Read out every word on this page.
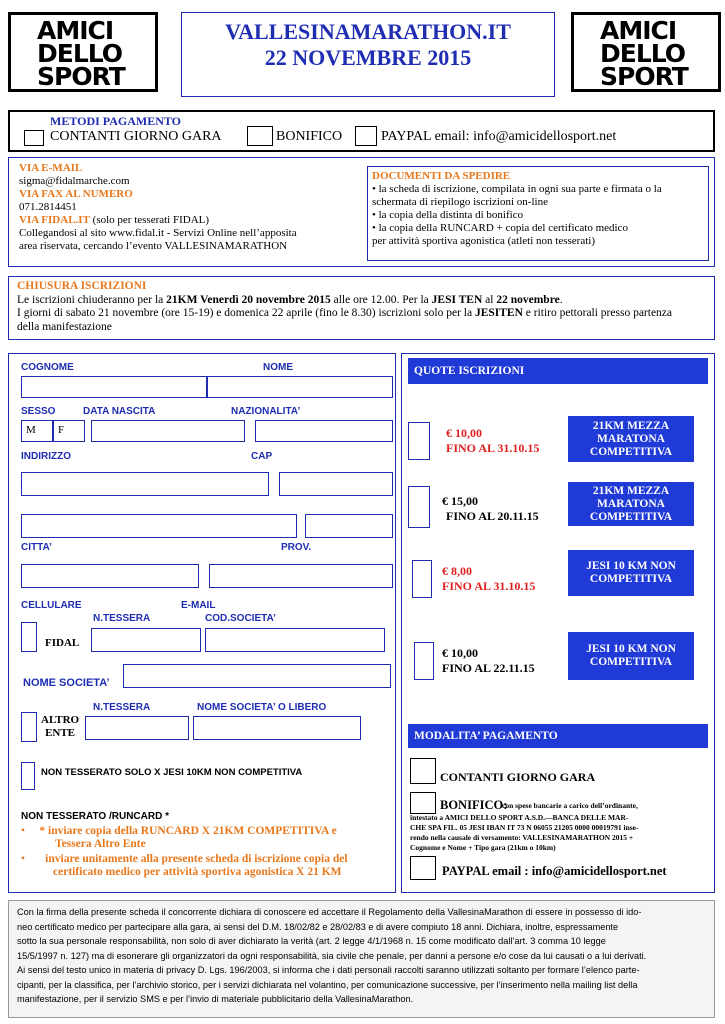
AMICI
DELLO
SPORT
AMICI
DELLO
SPORT
VALLESINAMARATHON.IT
22 NOVEMBRE 2015
METODI PAGAMENTO
CONTANTI GIORNO GARA	BONIFICO	PAYPAL email: info@amicidellosport.net
VIA E-MAIL
sigma@fidalmarche.com
VIA FAX AL NUMERO
071.2814451
VIA FIDAL.IT (solo per tesserati FIDAL)
Collegandosi al sito www.fidal.it - Servizi Online nell’apposita
area riservata, cercando l’evento VALLESINAMARATHON
DOCUMENTI DA SPEDIRE
• la scheda di iscrizione, compilata in ogni sua parte e firmata o la
schermata di riepilogo iscrizioni on-line
• la copia della distinta di bonifico
• la copia della RUNCARD + copia del certificato medico
per attività sportiva agonistica (atleti non tesserati)
CHIUSURA ISCRIZIONI
Le iscrizioni chiuderanno per la 21KM Venerdì 20 novembre 2015 alle ore 12.00. Per la JESI TEN al 22 novembre.
I giorni di sabato 21 novembre (ore 15-19) e domenica 22 aprile (fino le 8.30) iscrizioni solo per la JESITEN e ritiro pettorali presso partenza
della manifestazione
COGNOME	NOME
SESSO	DATA NASCITA	NAZIONALITA’
M	F
INDIRIZZO	CAP
CITTA’	PROV.
CELLULARE	E-MAIL
N.TESSERA	COD.SOCIETA’
FIDAL
NOME SOCIETA’
N.TESSERA	NOME SOCIETA’ O LIBERO
ALTRO
ENTE
NON TESSERATO SOLO X JESI 10KM NON COMPETITIVA
NON TESSERATO /RUNCARD *
•     * inviare copia della RUNCARD X 21KM COMPETITIVA e
Tessera Altro Ente
•       inviare unitamente alla presente scheda di iscrizione copia del
certificato medico per attività sportiva agonistica X 21 KM
QUOTE ISCRIZIONI
€ 10,00
FINO AL 31.10.15
21KM MEZZA MARATONA COMPETITIVA
€ 15,00
FINO AL 20.11.15
21KM MEZZA MARATONA COMPETITIVA
€ 8,00
FINO AL 31.10.15
JESI 10 KM NON COMPETITIVA
€ 10,00
FINO AL 22.11.15
JESI 10 KM NON COMPETITIVA
MODALITA’ PAGAMENTO
CONTANTI GIORNO GARA
BONIFICO:
con spese bancarie a carico dell’ordinante,
intestato a AMICI DELLO SPORT A.S.D.—BANCA DELLE MAR-
CHE SPA FIL. 05 JESI IBAN IT 73 N 06055 21205 0000 00019791 inse-
rendo nella causale di versamento: VALLESINAMARATHON 2015 +
Cognome e Nome + Tipo gara (21km o 10km)
PAYPAL email : info@amicidellosport.net
Con la firma della presente scheda il concorrente dichiara di conoscere ed accettare il Regolamento della VallesinaMarathon di essere in possesso di ido-
neo certificato medico per partecipare alla gara, ai sensi del D.M. 18/02/82 e 28/02/83 e di avere compiuto 18 anni. Dichiara, inoltre, espressamente
sotto la sua personale responsabilità, non solo di aver dichiarato la verità (art. 2 legge 4/1/1968 n. 15 come modificato dall’art. 3 comma 10 legge
15/5/1997 n. 127) ma di esonerare gli organizzatori da ogni responsabilità, sia civile che penale, per danni a persone e/o cose da lui causati o a lui derivati.
Ai sensi del testo unico in materia di privacy D. Lgs. 196/2003, si informa che i dati personali raccolti saranno utilizzati soltanto per formare l’elenco parte-
cipanti, per la classifica, per l’archivio storico, per i servizi dichiarata nel volantino, per comunicazione successive, per l’inserimento nella mailing list della
manifestazione, per il servizio SMS e per l’invio di materiale pubblicitario della VallesinaMarathon.
